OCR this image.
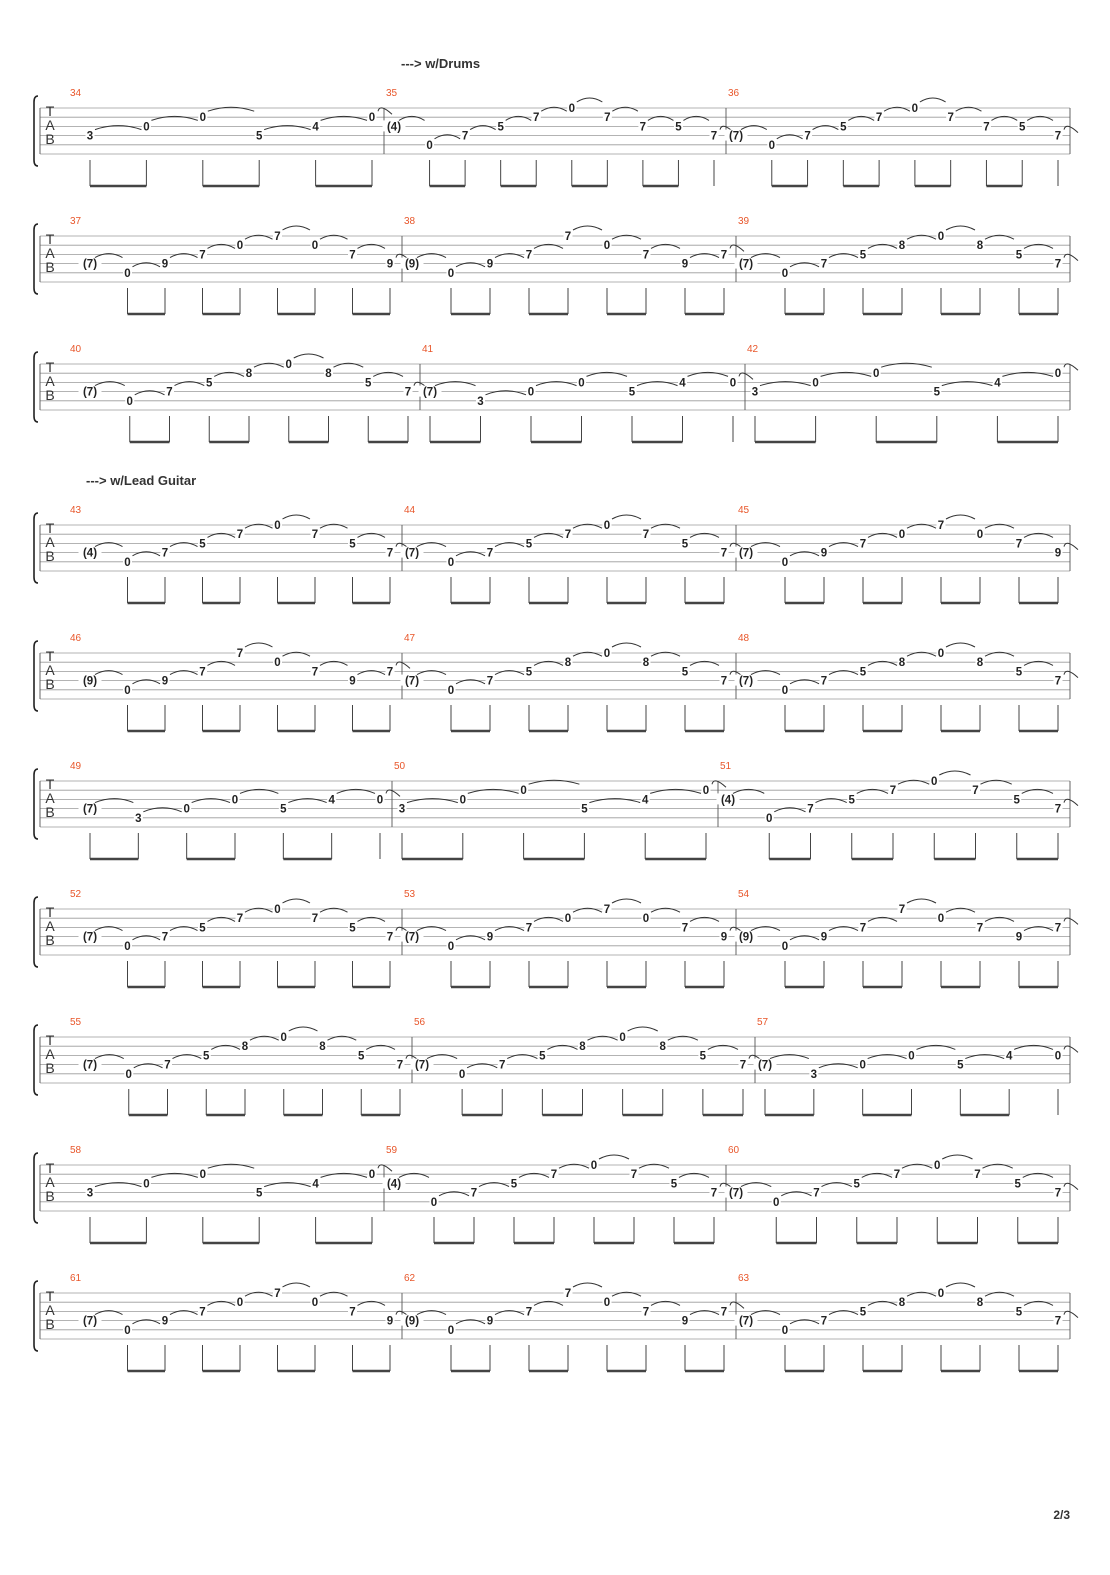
T
A
B
34
3
0
0
5
4
0
35
(4)
0
7
5
7
0
7
7	5
7
36
(7)
0
7
5
7
0
7
7	5
7
T
A
B
37
(7)
0
9
7
0
7
0
7
9
38
(9)
0
9
7
7
0
7
9
7
39
(7)
0
7
5
8
0
8
5
7
T
A
B
40
(7)
0
7
5
8
0
8
5
7
41
(7)
3
0
0
5
4	0
42
3
0
0
5
4
0
T
A
B
43
(4)
0
7
5
7
0
7
5
7
44
(7)
0
7
5
7
0
7
5
7
45
(7)
0
9
7
0
7
0
7
9
T
A
B
46
(9)
0
9
7
7
0
7
9
7
47
(7)
0
7
5
8
0
8
5
7
48
(7)
0
7
5
8
0
8
5
7
T
A
B
49
(7)
3
0
0
5
4	0
50
3
0
0
5
4
0
51
(4)
0
7
5
7
0
7
5
7
T
A
B
52
(7)
0
7
5
7
0
7
5
7
53
(7)
0
9
7
0
7
0
7
9
54
(9)
0
9
7
7
0
7
9
7
T
A
B
55
(7)
0
7
5
8
0
8
5
7
56
(7)
0
7
5
8
0
8
5
7
57
(7)
3
0
0
5
4	0
T
A
B
58
3
0
0
5
4
0
59
(4)
0
7
5
7
0
7
5
7
60
(7)
0
7
5
7
0
7
5
7
T
A
B
61
(7)
0
9
7
0
7
0
7
9
62
(9)
0
9
7
7
0
7
9
7
63
(7)
0
7
5
8
0
8
5
7
---> w/Drums
---> w/Lead Guitar
2/3
